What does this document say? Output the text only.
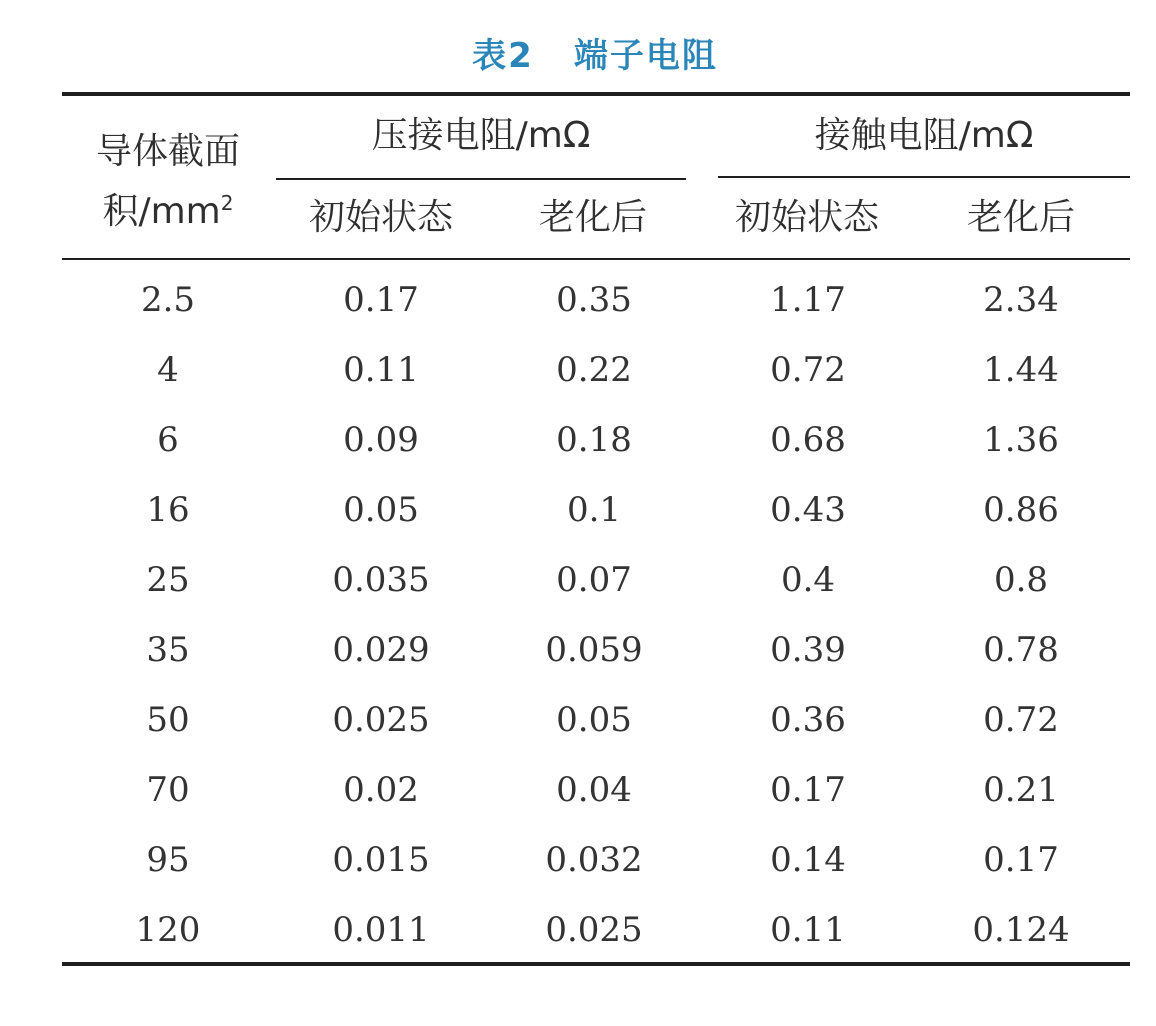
表2 端子电阻
导体截面
积$/mm^2$
压接电阻/mΩ	接触电阻/mΩ
初始状态	老化后	初始状态	老化后
2.5	0.17	0.35	1.17	2.34
4	0.11	0.22	0.72	1.44
6	0.09	0.18	0.68	1.36
16	0.05	0.1	0.43	0.86
25	0.035	0.07	0.4	0.8
35	0.029	0.059	0.39	0.78
50	0.025	0.05	0.36	0.72
70	0.02	0.04	0.17	0.21
95	0.015	0.032	0.14	0.17
120	0.011	0.025	0.11	0.124
